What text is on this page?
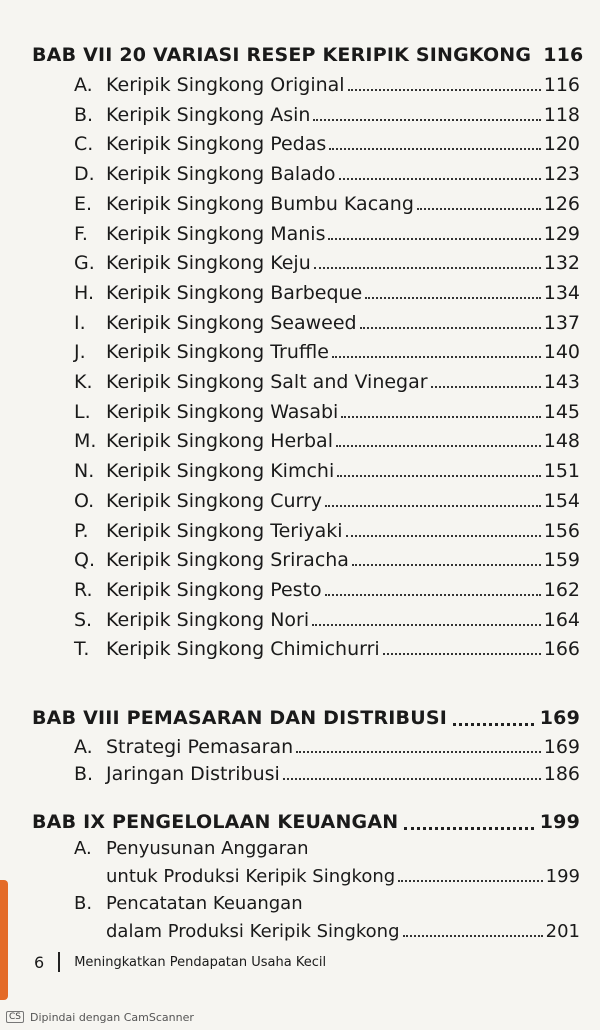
BAB VII 20 VARIASI RESEP KERIPIK SINGKONG 116
A. Keripik Singkong Original	116
B. Keripik Singkong Asin	118
C. Keripik Singkong Pedas	120
D. Keripik Singkong Balado	123
E. Keripik Singkong Bumbu Kacang	126
F. Keripik Singkong Manis	129
G. Keripik Singkong Keju	132
H. Keripik Singkong Barbeque	134
I.	Keripik Singkong Seaweed	137
J.	Keripik Singkong Truffle	140
K. Keripik Singkong Salt and Vinegar	143
L. Keripik Singkong Wasabi	145
M. Keripik Singkong Herbal	148
N. Keripik Singkong Kimchi	151
O. Keripik Singkong Curry	154
P. Keripik Singkong Teriyaki	156
Q. Keripik Singkong Sriracha	159
R. Keripik Singkong Pesto	162
S. Keripik Singkong Nori	164
T. Keripik Singkong Chimichurri	166
BAB VIII PEMASARAN DAN DISTRIBUSI	169
A. Strategi Pemasaran	169
B. Jaringan Distribusi	186
BAB IX PENGELOLAAN KEUANGAN	199
A. Penyusunan Anggaran
untuk Produksi Keripik Singkong	199
B. Pencatatan Keuangan
dalam Produksi Keripik Singkong	201
6 Meningkatkan Pendapatan Usaha Kecil
CS Dipindai dengan CamScanner
